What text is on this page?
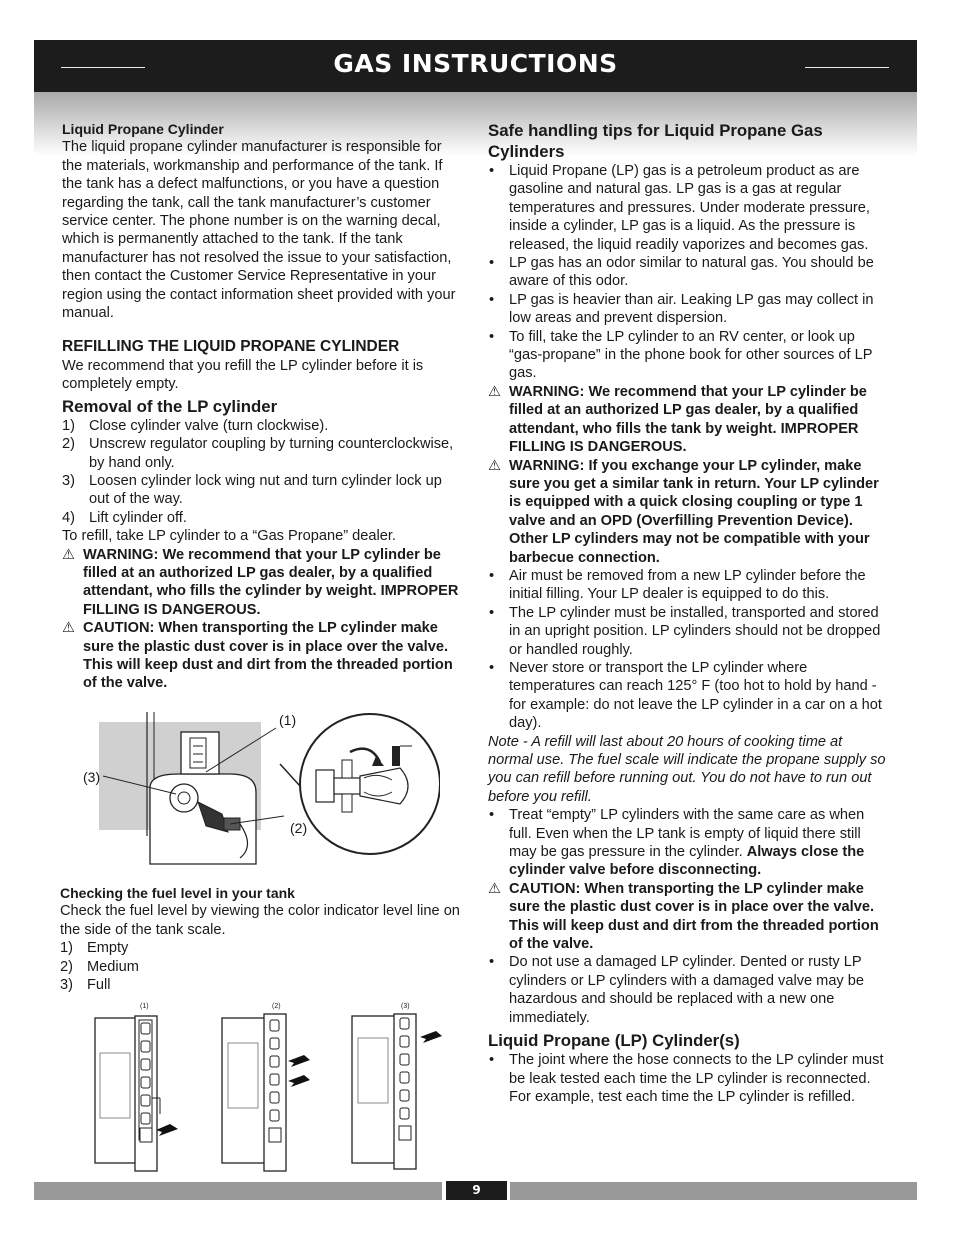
GAS INSTRUCTIONS

Liquid Propane Cylinder

The liquid propane cylinder manufacturer is responsible for the materials, workmanship and performance of the tank. If the tank has a defect malfunctions, or you have a question regarding the tank, call the tank manufacturer’s customer service center. The phone number is on the warning decal, which is permanently attached to the tank. If the tank manufacturer has not resolved the issue to your satisfaction, then contact the Customer Service Representative in your region using the contact information sheet provided with your manual.

REFILLING THE LIQUID PROPANE CYLINDER

We recommend that you refill the LP cylinder before it is completely empty.

Removal of the LP cylinder

1) Close cylinder valve (turn clockwise).
2) Unscrew regulator coupling by turning counterclockwise, by hand only.
3) Loosen cylinder lock wing nut and turn cylinder lock up out of the way.
4) Lift cylinder off.

To refill, take LP cylinder to a “Gas Propane” dealer.

⚠ WARNING: We recommend that your LP cylinder be filled at an authorized LP gas dealer, by a qualified attendant, who fills the cylinder by weight. IMPROPER FILLING IS DANGEROUS.

⚠ CAUTION: When transporting the LP cylinder make sure the plastic dust cover is in place over the valve. This will keep dust and dirt from the threaded portion of the valve.

(1)
(2)
(3)

Checking the fuel level in your tank

Check the fuel level by viewing the color indicator level line on the side of the tank scale.

1) Empty
2) Medium
3) Full
(1)	(2)	(3)

Safe handling tips for Liquid Propane Gas Cylinders

• Liquid Propane (LP) gas is a petroleum product as are gasoline and natural gas. LP gas is a gas at regular temperatures and pressures. Under moderate pressure, inside a cylinder, LP gas is a liquid. As the pressure is released, the liquid readily vaporizes and becomes gas.
• LP gas has an odor similar to natural gas. You should be aware of this odor.
• LP gas is heavier than air. Leaking LP gas may collect in low areas and prevent dispersion.
• To fill, take the LP cylinder to an RV center, or look up “gas-propane” in the phone book for other sources of LP gas.

⚠ WARNING: We recommend that your LP cylinder be filled at an authorized LP gas dealer, by a qualified attendant, who fills the tank by weight. IMPROPER FILLING IS DANGEROUS.

⚠ WARNING: If you exchange your LP cylinder, make sure you get a similar tank in return. Your LP cylinder is equipped with a quick closing coupling or type 1 valve and an OPD (Overfilling Prevention Device). Other LP cylinders may not be compatible with your barbecue connection.

• Air must be removed from a new LP cylinder before the initial filling. Your LP dealer is equipped to do this.
• The LP cylinder must be installed, transported and stored in an upright position. LP cylinders should not be dropped or handled roughly.
• Never store or transport the LP cylinder where temperatures can reach 125° F (too hot to hold by hand - for example: do not leave the LP cylinder in a car on a hot day).

Note - A refill will last about 20 hours of cooking time at normal use. The fuel scale will indicate the propane supply so you can refill before running out. You do not have to run out before you refill.

• Treat “empty” LP cylinders with the same care as when full. Even when the LP tank is empty of liquid there still may be gas pressure in the cylinder. Always close the cylinder valve before disconnecting.

⚠ CAUTION: When transporting the LP cylinder make sure the plastic dust cover is in place over the valve. This will keep dust and dirt from the threaded portion of the valve.

• Do not use a damaged LP cylinder. Dented or rusty LP cylinders or LP cylinders with a damaged valve may be hazardous and should be replaced with a new one immediately.

Liquid Propane (LP) Cylinder(s)

• The joint where the hose connects to the LP cylinder must be leak tested each time the LP cylinder is reconnected. For example, test each time the LP cylinder is refilled.
9
